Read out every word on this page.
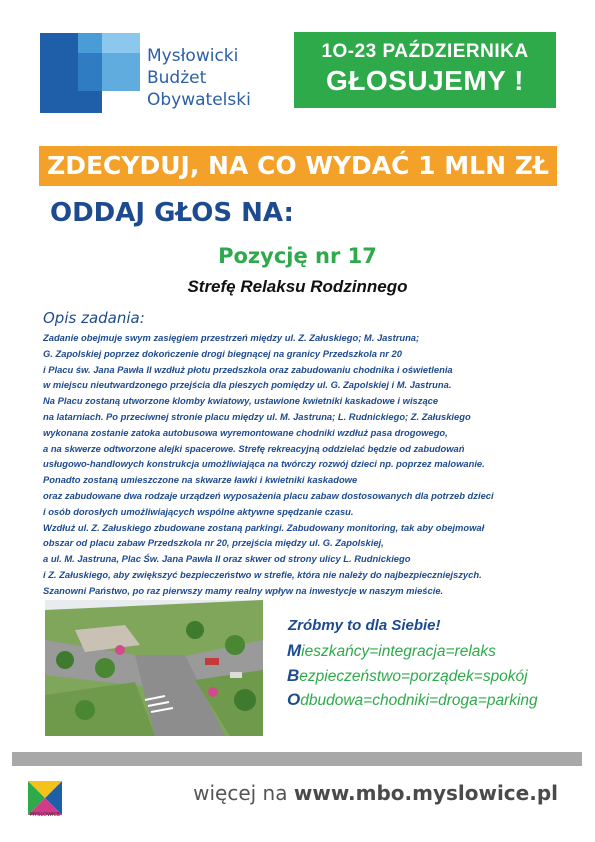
Mysłowicki
Budżet
Obywatelski
1O-23 PAŹDZIERNIKA
GŁOSUJEMY !
ZDECYDUJ, NA CO WYDAĆ 1 MLN ZŁ
ODDAJ GŁOS NA:
Pozycję nr 17
Strefę Relaksu Rodzinnego
Opis zadania:
Zadanie obejmuje swym zasięgiem przestrzeń między ul. Z. Załuskiego; M. Jastruna;
G. Zapolskiej poprzez dokończenie drogi biegnącej na granicy Przedszkola nr 20
i Placu św. Jana Pawła II wzdłuż płotu przedszkola oraz zabudowaniu chodnika i oświetlenia
w miejscu nieutwardzonego przejścia dla pieszych pomiędzy ul. G. Zapolskiej i M. Jastruna.
Na Placu zostaną utworzone klomby kwiatowy, ustawione kwietniki kaskadowe i wiszące
na latarniach. Po przeciwnej stronie placu między ul. M. Jastruna; L. Rudnickiego; Z. Załuskiego
wykonana zostanie zatoka autobusowa wyremontowane chodniki wzdłuż pasa drogowego,
a na skwerze odtworzone alejki spacerowe. Strefę rekreacyjną oddzielać będzie od zabudowań
usługowo-handlowych konstrukcja umożliwiająca na twórczy rozwój dzieci np. poprzez malowanie.
Ponadto zostaną umieszczone na skwarze ławki i kwietniki kaskadowe
oraz zabudowane dwa rodzaje urządzeń wyposażenia placu zabaw dostosowanych dla potrzeb dzieci
i osób dorosłych umożliwiających wspólne aktywne spędzanie czasu.
Wzdłuż ul. Z. Załuskiego zbudowane zostaną parkingi. Zabudowany monitoring, tak aby obejmował
obszar od placu zabaw Przedszkola nr 20, przejścia między ul. G. Zapolskiej,
a ul. M. Jastruna, Plac Św. Jana Pawła II oraz skwer od strony ulicy L. Rudnickiego
i Z. Załuskiego, aby zwiększyć bezpieczeństwo w strefie, która nie należy do najbezpieczniejszych.
Szanowni Państwo, po raz pierwszy mamy realny wpływ na inwestycje w naszym mieście.
Zróbmy to dla Siebie!
Mieszkańcy=integracja=relaks
Bezpieczeństwo=porządek=spokój
Odbudowa=chodniki=droga=parking
MYSŁOWICE
więcej na www.mbo.myslowice.pl
